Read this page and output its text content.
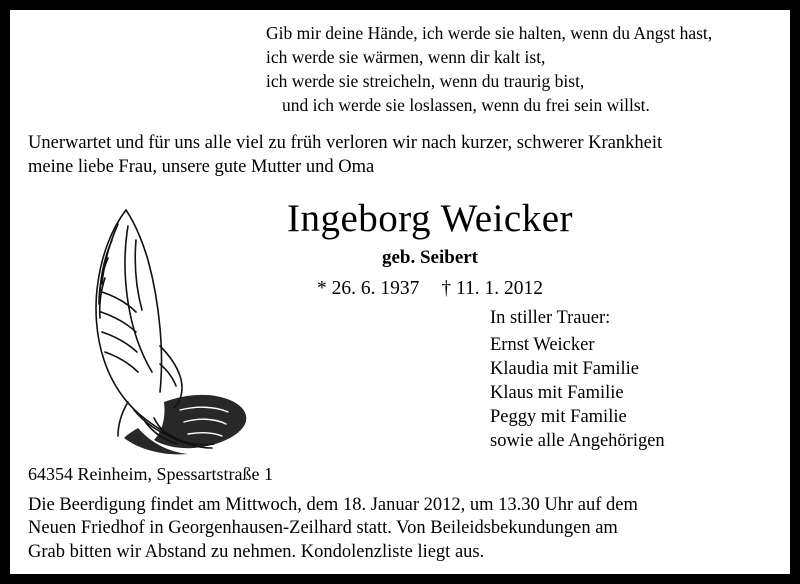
Gib mir deine Hände, ich werde sie halten, wenn du Angst hast,
ich werde sie wärmen, wenn dir kalt ist,
ich werde sie streicheln, wenn du traurig bist,
und ich werde sie loslassen, wenn du frei sein willst.
Unerwartet und für uns alle viel zu früh verloren wir nach kurzer, schwerer Krankheit
meine liebe Frau, unsere gute Mutter und Oma
Ingeborg Weicker
geb. Seibert
* 26. 6. 1937 † 11. 1. 2012
In stiller Trauer:
Ernst Weicker
Klaudia mit Familie
Klaus mit Familie
Peggy mit Familie
sowie alle Angehörigen
64354 Reinheim, Spessartstraße 1
Die Beerdigung findet am Mittwoch, dem 18. Januar 2012, um 13.30 Uhr auf dem
Neuen Friedhof in Georgenhausen-Zeilhard statt. Von Beileidsbekundungen am
Grab bitten wir Abstand zu nehmen. Kondolenzliste liegt aus.
